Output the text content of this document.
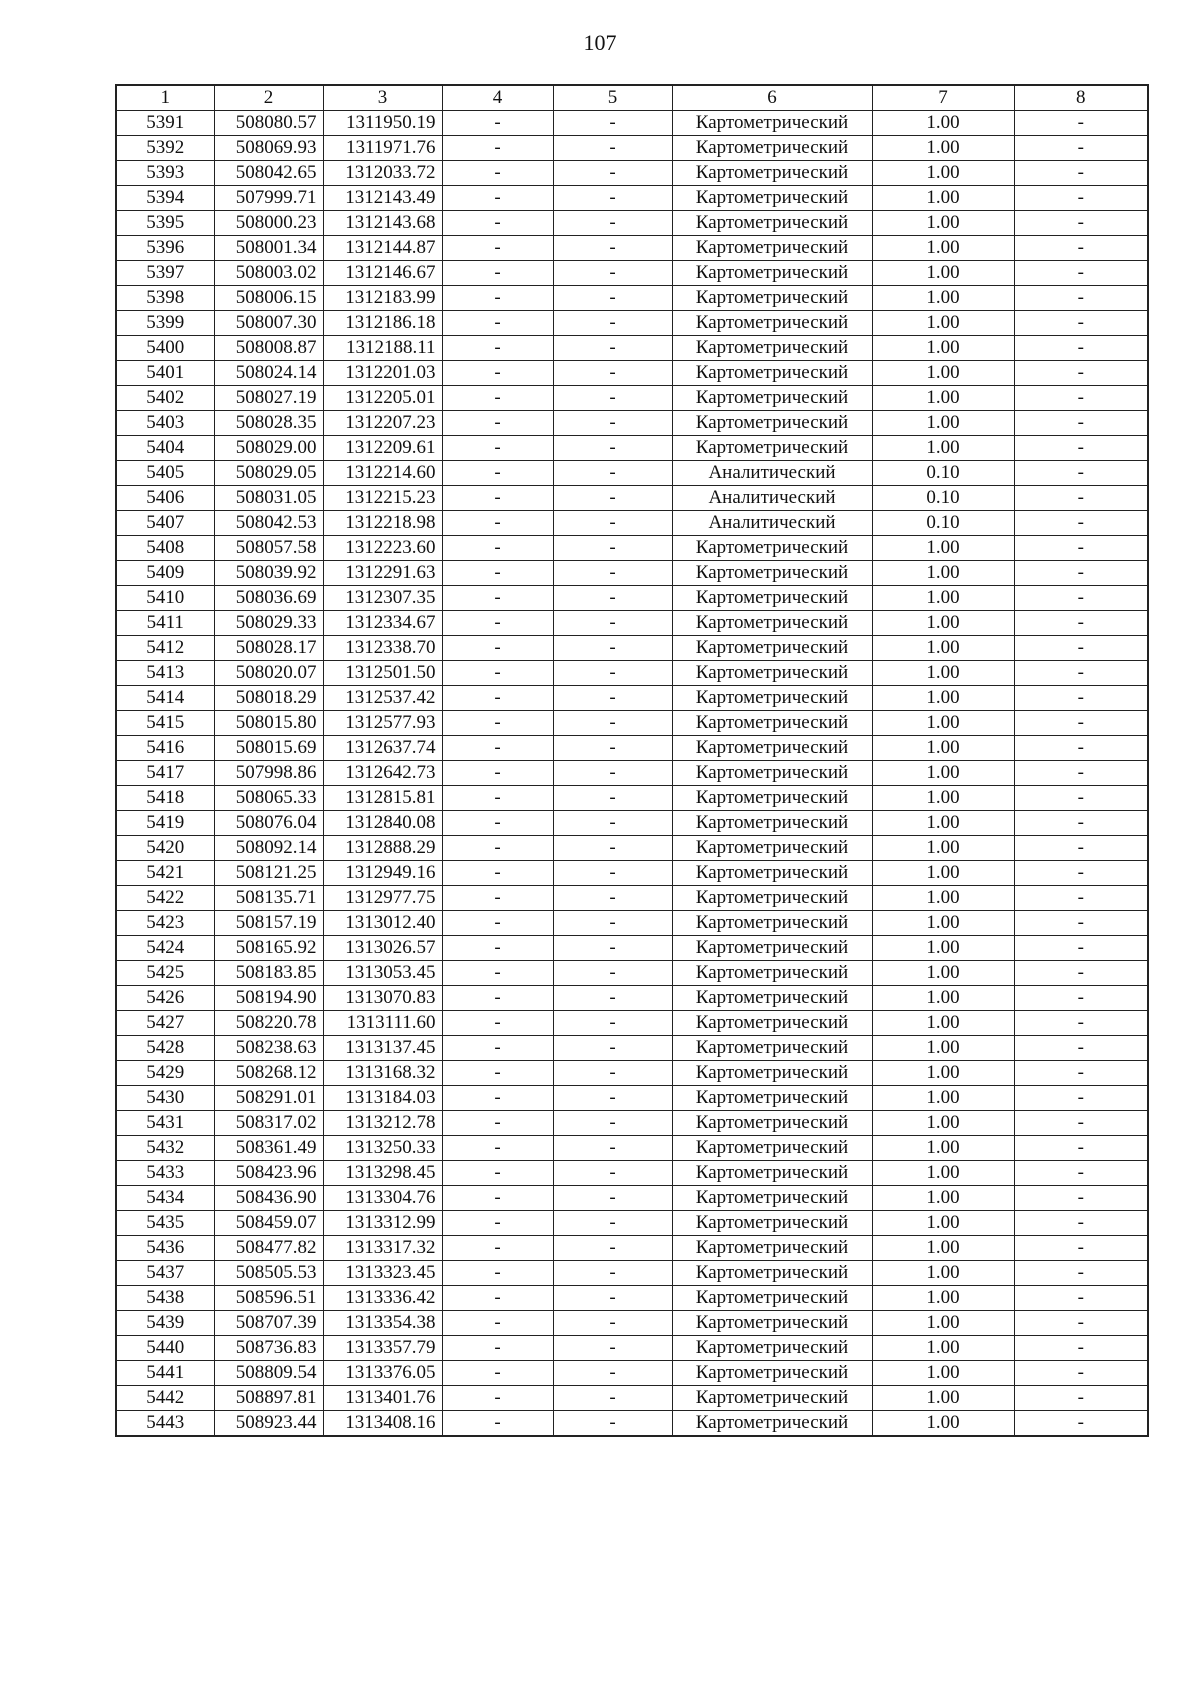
107
1	2	3	4	5	6	7	8
5391	508080.57	1311950.19	-	-	Картометрический	1.00	-
5392	508069.93	1311971.76	-	-	Картометрический	1.00	-
5393	508042.65	1312033.72	-	-	Картометрический	1.00	-
5394	507999.71	1312143.49	-	-	Картометрический	1.00	-
5395	508000.23	1312143.68	-	-	Картометрический	1.00	-
5396	508001.34	1312144.87	-	-	Картометрический	1.00	-
5397	508003.02	1312146.67	-	-	Картометрический	1.00	-
5398	508006.15	1312183.99	-	-	Картометрический	1.00	-
5399	508007.30	1312186.18	-	-	Картометрический	1.00	-
5400	508008.87	1312188.11	-	-	Картометрический	1.00	-
5401	508024.14	1312201.03	-	-	Картометрический	1.00	-
5402	508027.19	1312205.01	-	-	Картометрический	1.00	-
5403	508028.35	1312207.23	-	-	Картометрический	1.00	-
5404	508029.00	1312209.61	-	-	Картометрический	1.00	-
5405	508029.05	1312214.60	-	-	Аналитический	0.10	-
5406	508031.05	1312215.23	-	-	Аналитический	0.10	-
5407	508042.53	1312218.98	-	-	Аналитический	0.10	-
5408	508057.58	1312223.60	-	-	Картометрический	1.00	-
5409	508039.92	1312291.63	-	-	Картометрический	1.00	-
5410	508036.69	1312307.35	-	-	Картометрический	1.00	-
5411	508029.33	1312334.67	-	-	Картометрический	1.00	-
5412	508028.17	1312338.70	-	-	Картометрический	1.00	-
5413	508020.07	1312501.50	-	-	Картометрический	1.00	-
5414	508018.29	1312537.42	-	-	Картометрический	1.00	-
5415	508015.80	1312577.93	-	-	Картометрический	1.00	-
5416	508015.69	1312637.74	-	-	Картометрический	1.00	-
5417	507998.86	1312642.73	-	-	Картометрический	1.00	-
5418	508065.33	1312815.81	-	-	Картометрический	1.00	-
5419	508076.04	1312840.08	-	-	Картометрический	1.00	-
5420	508092.14	1312888.29	-	-	Картометрический	1.00	-
5421	508121.25	1312949.16	-	-	Картометрический	1.00	-
5422	508135.71	1312977.75	-	-	Картометрический	1.00	-
5423	508157.19	1313012.40	-	-	Картометрический	1.00	-
5424	508165.92	1313026.57	-	-	Картометрический	1.00	-
5425	508183.85	1313053.45	-	-	Картометрический	1.00	-
5426	508194.90	1313070.83	-	-	Картометрический	1.00	-
5427	508220.78	1313111.60	-	-	Картометрический	1.00	-
5428	508238.63	1313137.45	-	-	Картометрический	1.00	-
5429	508268.12	1313168.32	-	-	Картометрический	1.00	-
5430	508291.01	1313184.03	-	-	Картометрический	1.00	-
5431	508317.02	1313212.78	-	-	Картометрический	1.00	-
5432	508361.49	1313250.33	-	-	Картометрический	1.00	-
5433	508423.96	1313298.45	-	-	Картометрический	1.00	-
5434	508436.90	1313304.76	-	-	Картометрический	1.00	-
5435	508459.07	1313312.99	-	-	Картометрический	1.00	-
5436	508477.82	1313317.32	-	-	Картометрический	1.00	-
5437	508505.53	1313323.45	-	-	Картометрический	1.00	-
5438	508596.51	1313336.42	-	-	Картометрический	1.00	-
5439	508707.39	1313354.38	-	-	Картометрический	1.00	-
5440	508736.83	1313357.79	-	-	Картометрический	1.00	-
5441	508809.54	1313376.05	-	-	Картометрический	1.00	-
5442	508897.81	1313401.76	-	-	Картометрический	1.00	-
5443	508923.44	1313408.16	-	-	Картометрический	1.00	-
